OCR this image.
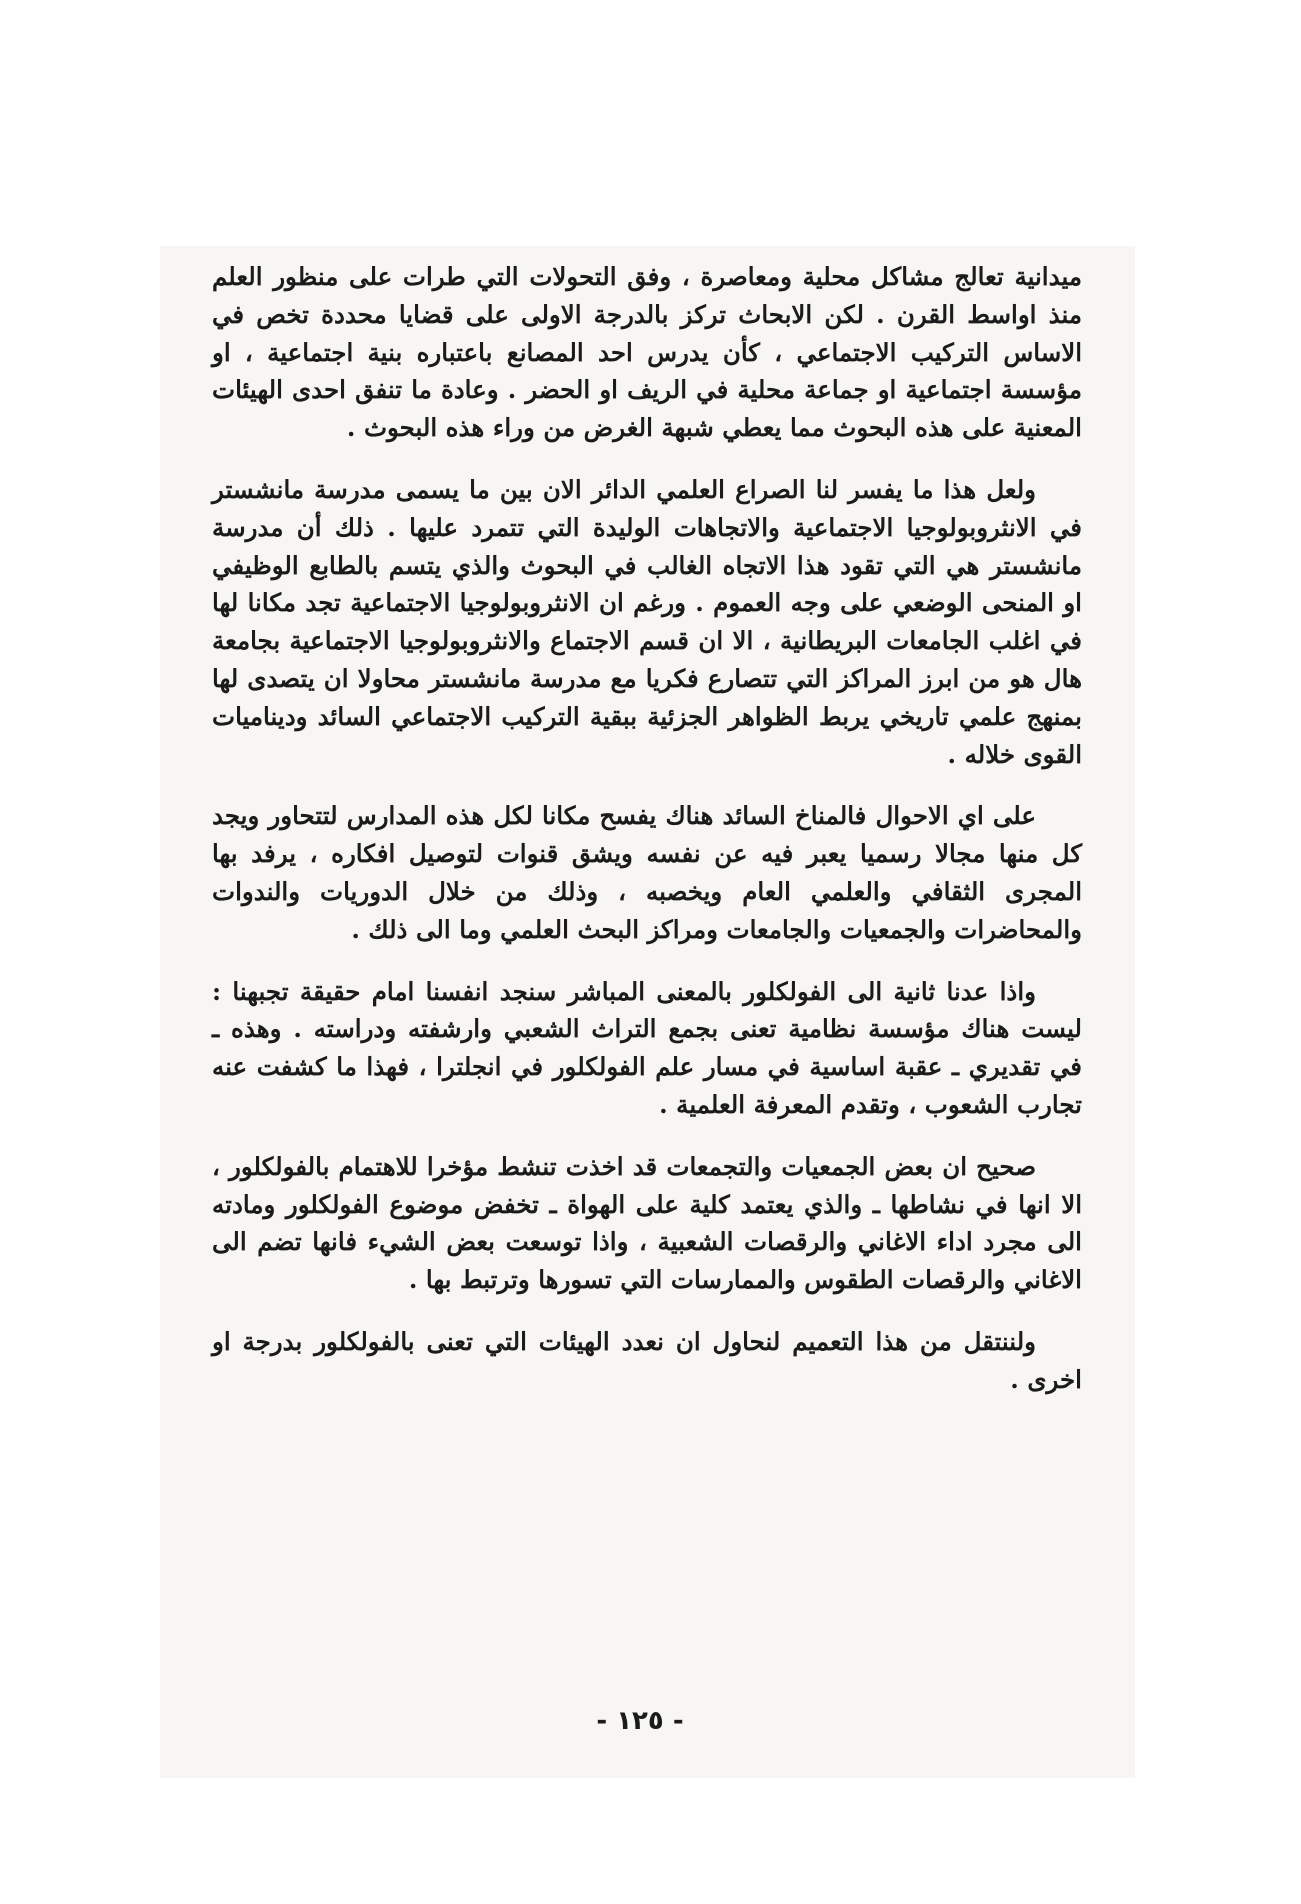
ميدانية تعالج مشاكل محلية ومعاصرة ، وفق التحولات التي طرات على منظور العلم منذ اواسط القرن . لكن الابحاث تركز بالدرجة الاولى على قضايا محددة تخص في الاساس التركيب الاجتماعي ، كأن يدرس احد المصانع باعتباره بنية اجتماعية ، او مؤسسة اجتماعية او جماعة محلية في الريف او الحضر . وعادة ما تنفق احدى الهيئات المعنية على هذه البحوث مما يعطي شبهة الغرض من وراء هذه البحوث .

ولعل هذا ما يفسر لنا الصراع العلمي الدائر الان بين ما يسمى مدرسة مانشستر في الانثروبولوجيا الاجتماعية والاتجاهات الوليدة التي تتمرد عليها . ذلك أن مدرسة مانشستر هي التي تقود هذا الاتجاه الغالب في البحوث والذي يتسم بالطابع الوظيفي او المنحى الوضعي على وجه العموم . ورغم ان الانثروبولوجيا الاجتماعية تجد مكانا لها في اغلب الجامعات البريطانية ، الا ان قسم الاجتماع والانثروبولوجيا الاجتماعية بجامعة هال هو من ابرز المراكز التي تتصارع فكريا مع مدرسة مانشستر محاولا ان يتصدى لها بمنهج علمي تاريخي يربط الظواهر الجزئية ببقية التركيب الاجتماعي السائد وديناميات القوى خلاله .

على اي الاحوال فالمناخ السائد هناك يفسح مكانا لكل هذه المدارس لتتحاور ويجد كل منها مجالا رسميا يعبر فيه عن نفسه ويشق قنوات لتوصيل افكاره ، يرفد بها المجرى الثقافي والعلمي العام ويخصبه ، وذلك من خلال الدوريات والندوات والمحاضرات والجمعيات والجامعات ومراكز البحث العلمي وما الى ذلك .

واذا عدنا ثانية الى الفولكلور بالمعنى المباشر سنجد انفسنا امام حقيقة تجبهنا : ليست هناك مؤسسة نظامية تعنى بجمع التراث الشعبي وارشفته ودراسته . وهذه ـ في تقديري ـ عقبة اساسية في مسار علم الفولكلور في انجلترا ، فهذا ما كشفت عنه تجارب الشعوب ، وتقدم المعرفة العلمية .

صحيح ان بعض الجمعيات والتجمعات قد اخذت تنشط مؤخرا للاهتمام بالفولكلور ، الا انها في نشاطها ـ والذي يعتمد كلية على الهواة ـ تخفض موضوع الفولكلور ومادته الى مجرد اداء الاغاني والرقصات الشعبية ، واذا توسعت بعض الشيء فانها تضم الى الاغاني والرقصات الطقوس والممارسات التي تسورها وترتبط بها .

ولننتقل من هذا التعميم لنحاول ان نعدد الهيئات التي تعنى بالفولكلور بدرجة او اخرى .

- ١٢٥ -
